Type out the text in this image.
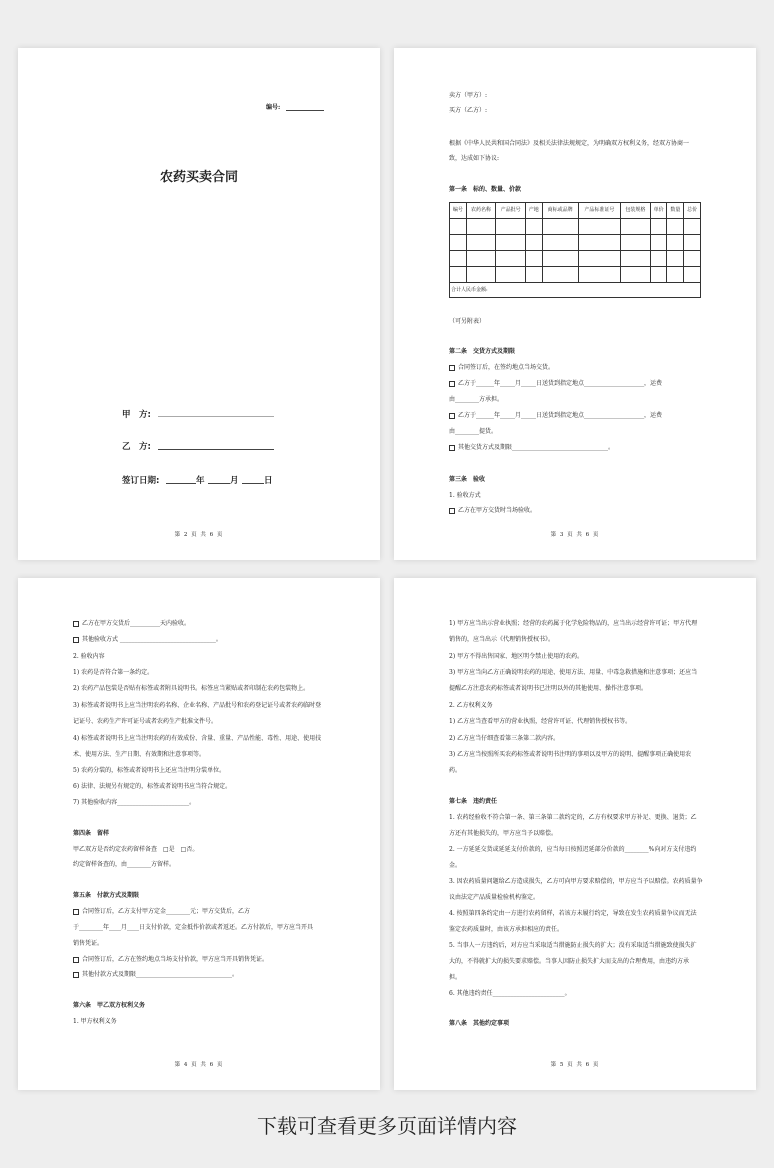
编号:
农药买卖合同
甲　方:
乙　方:
签订日期:	年	月	日
第 2 页 共 6 页
卖方（甲方）:
买方（乙方）:
根据《中华人民共和国合同法》及相关法律法规规定，为明确双方权利义务，经双方协商一
致，达成如下协议:
第一条　标的、数量、价款
编号	农药名称	产品批号	产地	商标或品牌	产品标准证号	包装规格	单价	数量	总价

合计人民币金额:									
（可另附表）
第二条　交货方式及期限
合同签订后，在签约地点当场交货。
乙方于______年_____月_____日送货到指定地点____________________，运费
由________方承担。
乙方于______年_____月_____日送货到指定地点____________________，运费
由________提货。
其他交货方式及期限________________________________。
第三条　验收
1. 验收方式
乙方在甲方交货时当场验收。
第 3 页 共 6 页
乙方在甲方交货后__________天内验收。
其他验收方式 ________________________________。
2. 验收内容
1) 农药是否符合第一条约定。
2) 农药产品包装是否贴有标签或者附具说明书。标签应当紧贴或者印制在农药包装物上。
3) 标签或者说明书上应当注明农药名称、企业名称、产品批号和农药登记证号或者农药临时登
记证号、农药生产许可证号或者农药生产批准文件号。
4) 标签或者说明书上应当注明农药的有效成份、含量、重量、产品性能、毒性、用途、使用技
术、使用方法、生产日期、有效期和注意事项等。
5) 农药分装的，标签或者说明书上还应当注明分装单位。
6) 法律、法规另有规定的，标签或者说明书应当符合规定。
7) 其他验收内容________________________。
第四条　留样
甲乙双方是否约定农药留样备查　□是　□否。
约定留样备查的，由________方留样。
第五条　付款方式及期限
合同签订后，乙方支付甲方定金________元；甲方交货后，乙方
于________年____月____日支付价款，定金抵作价款或者返还。乙方付款后，甲方应当开具
销售凭证。
合同签订后，乙方在签约地点当场支付价款，甲方应当开具销售凭证。
其他付款方式及期限________________________________。
第六条　甲乙双方权利义务
1. 甲方权利义务
第 4 页 共 6 页
1) 甲方应当出示营业执照；经营的农药属于化学危险物品的，应当出示经营许可证；甲方代理
销售的，应当出示《代理销售授权书》。
2) 甲方不得出售国家、地区明令禁止使用的农药。
3) 甲方应当向乙方正确说明农药的用途、使用方法、用量、中毒急救措施和注意事项；还应当
提醒乙方注意农药标签或者说明书已注明以外的其他使用、操作注意事项。
2. 乙方权利义务
1) 乙方应当查看甲方的营业执照，经营许可证、代理销售授权书等。
2) 乙方应当仔细查看第三条第二款内容。
3) 乙方应当按照所买农药标签或者说明书注明的事项以及甲方的说明、提醒事项正确使用农
药。
第七条　违约责任
1. 农药经验收不符合第一条、第三条第二款约定的，乙方有权要求甲方补足、更换、退货；乙
方还有其他损失的，甲方应当予以赔偿。
2. 一方延延交货或延延支付价款的，应当每日按照迟延部分价款的________%向对方支付违约
金。
3. 因农药质量问题给乙方造成损失，乙方可向甲方要求赔偿的，甲方应当予以赔偿。农药质量争
议由法定产品质量检验机构鉴定。
4. 按照第四条约定由一方进行农药留样，若该方未履行约定，导致在发生农药质量争议而无法
鉴定农药质量时，由该方承担相应的责任。
5. 当事人一方违约后，对方应当采取适当措施防止损失的扩大；没有采取适当措施致使损失扩
大的，不得就扩大的损失要求赔偿。当事人因防止损失扩大而支出的合理费用，由违约方承
担。
6. 其他违约责任________________________。
第八条　其他约定事项
第 5 页 共 6 页
下载可查看更多页面详情内容
